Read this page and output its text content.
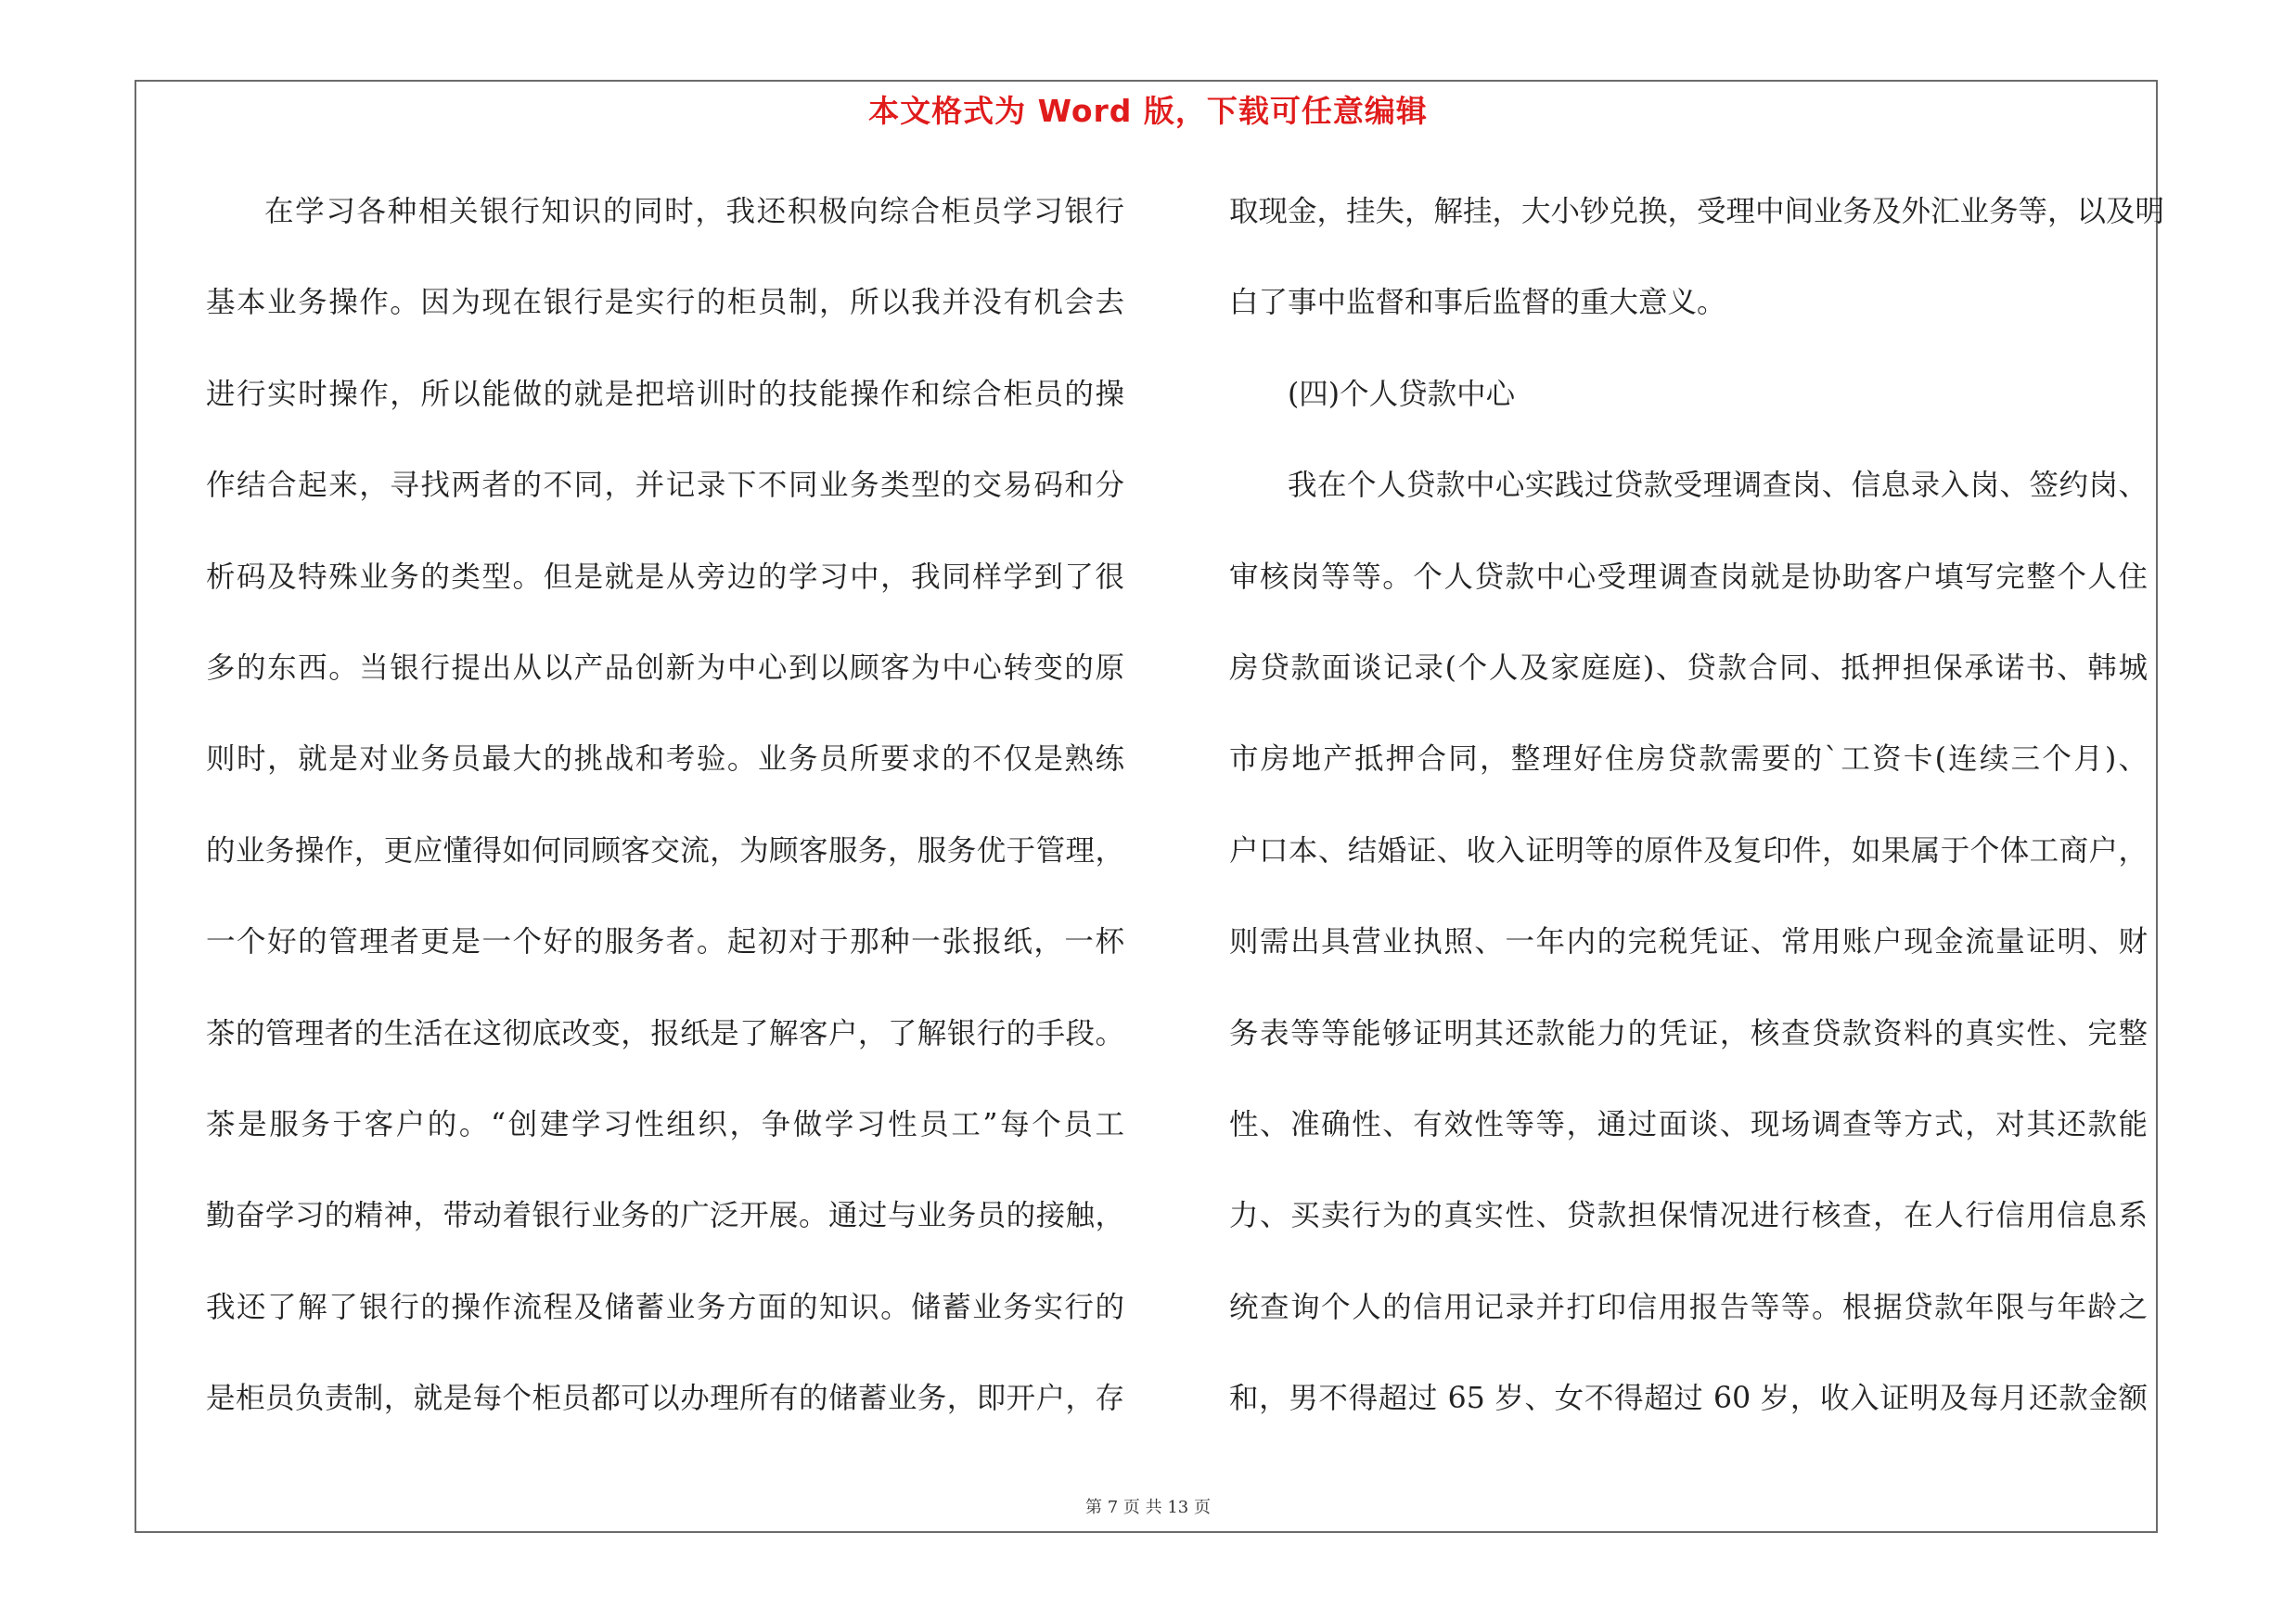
本文格式为 Word 版，下载可任意编辑
在学习各种相关银行知识的同时，我还积极向综合柜员学习银行
基本业务操作。因为现在银行是实行的柜员制，所以我并没有机会去
进行实时操作，所以能做的就是把培训时的技能操作和综合柜员的操
作结合起来，寻找两者的不同，并记录下不同业务类型的交易码和分
析码及特殊业务的类型。但是就是从旁边的学习中，我同样学到了很
多的东西。当银行提出从以产品创新为中心到以顾客为中心转变的原
则时，就是对业务员最大的挑战和考验。业务员所要求的不仅是熟练
的业务操作，更应懂得如何同顾客交流，为顾客服务，服务优于管理，
一个好的管理者更是一个好的服务者。起初对于那种一张报纸，一杯
茶的管理者的生活在这彻底改变，报纸是了解客户，了解银行的手段。
茶是服务于客户的。“创建学习性组织，争做学习性员工”每个员工
勤奋学习的精神，带动着银行业务的广泛开展。通过与业务员的接触，
我还了解了银行的操作流程及储蓄业务方面的知识。储蓄业务实行的
是柜员负责制，就是每个柜员都可以办理所有的储蓄业务，即开户，存
取现金，挂失，解挂，大小钞兑换，受理中间业务及外汇业务等，以及明
白了事中监督和事后监督的重大意义。
(四)个人贷款中心
我在个人贷款中心实践过贷款受理调查岗、信息录入岗、签约岗、
审核岗等等。个人贷款中心受理调查岗就是协助客户填写完整个人住
房贷款面谈记录(个人及家庭庭)、贷款合同、抵押担保承诺书、韩城
市房地产抵押合同，整理好住房贷款需要的`工资卡(连续三个月)、
户口本、结婚证、收入证明等的原件及复印件，如果属于个体工商户，
则需出具营业执照、一年内的完税凭证、常用账户现金流量证明、财
务表等等能够证明其还款能力的凭证，核查贷款资料的真实性、完整
性、准确性、有效性等等，通过面谈、现场调查等方式，对其还款能
力、买卖行为的真实性、贷款担保情况进行核查，在人行信用信息系
统查询个人的信用记录并打印信用报告等等。根据贷款年限与年龄之
和，男不得超过 65 岁、女不得超过 60 岁，收入证明及每月还款金额
第 7 页 共 13 页
